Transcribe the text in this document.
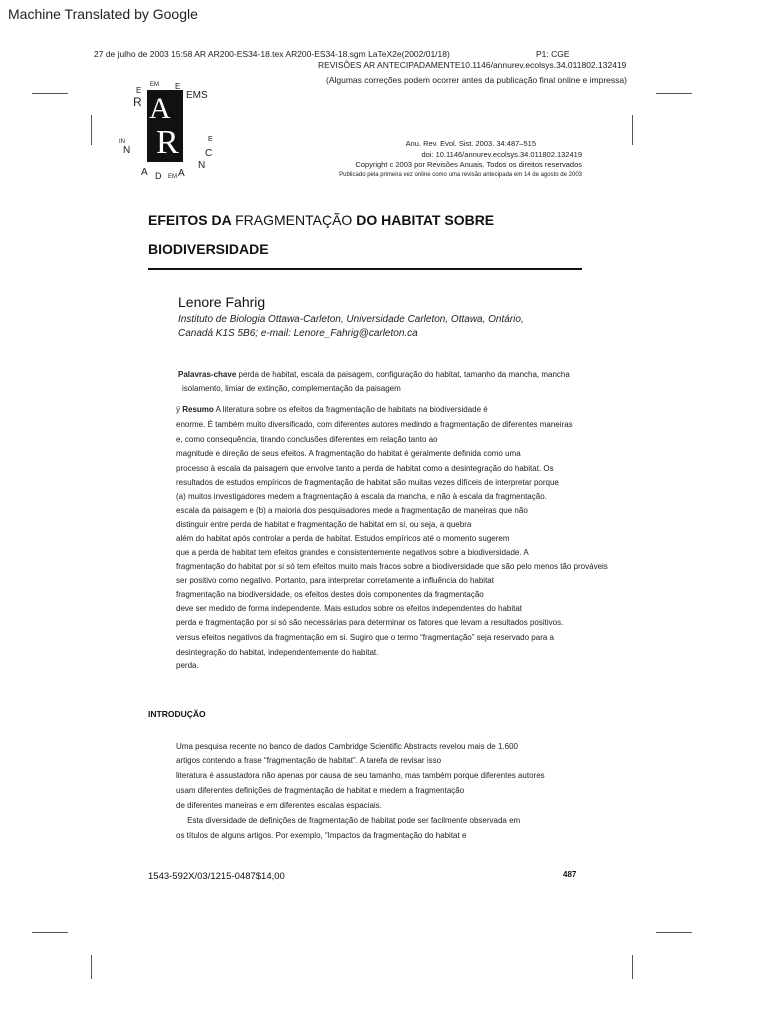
Machine Translated by Google
27 de julho de 2003 15:58 AR AR200-ES34-18.tex AR200-ES34-18.sgm LaTeX2e(2002/01/18)	P1: CGE
REVISÕES AR ANTECIPADAMENTE10.1146/annurev.ecolsys.34.011802.132419
(Algumas correções podem ocorrer antes da publicação final online e impressa)
A
R
R
E
EM E
EMS
IN
N
E
C
N
A D EM A
Anu. Rev. Evol. Sist. 2003. 34:487–515
doi: 10.1146/annurev.ecolsys.34.011802.132419
Copyright c 2003 por Revisões Anuais. Todos os direitos reservados
Publicado pela primeira vez online como uma revisão antecipada em 14 de agosto de 2003
EFEITOS DA FRAGMENTAÇÃO DO HABITAT SOBRE
BIODIVERSIDADE
Lenore Fahrig
Instituto de Biologia Ottawa-Carleton, Universidade Carleton, Ottawa, Ontário,
Canadá K1S 5B6; e-mail: Lenore_Fahrig@carleton.ca
Palavras-chave perda de habitat, escala da paisagem, configuração do habitat, tamanho da mancha, mancha
isolamento, limiar de extinção, complementação da paisagem
ÿ Resumo A literatura sobre os efeitos da fragmentação de habitats na biodiversidade é
enorme. É também muito diversificado, com diferentes autores medindo a fragmentação de diferentes maneiras
e, como consequência, tirando conclusões diferentes em relação tanto ao
magnitude e direção de seus efeitos. A fragmentação do habitat é geralmente definida como uma
processo à escala da paisagem que envolve tanto a perda de habitat como a desintegração do habitat. Os
resultados de estudos empíricos de fragmentação de habitat são muitas vezes difíceis de interpretar porque
(a) muitos investigadores medem a fragmentação à escala da mancha, e não à escala da fragmentação.
escala da paisagem e (b) a maioria dos pesquisadores mede a fragmentação de maneiras que não
distinguir entre perda de habitat e fragmentação de habitat em si, ou seja, a quebra
além do habitat após controlar a perda de habitat. Estudos empíricos até o momento sugerem
que a perda de habitat tem efeitos grandes e consistentemente negativos sobre a biodiversidade. A
fragmentação do habitat por si só tem efeitos muito mais fracos sobre a biodiversidade que são pelo menos tão prováveis
ser positivo como negativo. Portanto, para interpretar corretamente a influência do habitat
fragmentação na biodiversidade, os efeitos destes dois componentes da fragmentação
deve ser medido de forma independente. Mais estudos sobre os efeitos independentes do habitat
perda e fragmentação por si só são necessárias para determinar os fatores que levam a resultados positivos.
versus efeitos negativos da fragmentação em si. Sugiro que o termo “fragmentação” seja reservado para a
desintegração do habitat, independentemente do habitat.
perda.
INTRODUÇÃO
Uma pesquisa recente no banco de dados Cambridge Scientific Abstracts revelou mais de 1.600
artigos contendo a frase “fragmentação de habitat”. A tarefa de revisar isso
literatura é assustadora não apenas por causa de seu tamanho, mas também porque diferentes autores
usam diferentes definições de fragmentação de habitat e medem a fragmentação
de diferentes maneiras e em diferentes escalas espaciais.
Esta diversidade de definições de fragmentação de habitat pode ser facilmente observada em
os títulos de alguns artigos. Por exemplo, “Impactos da fragmentação do habitat e
1543-592X/03/1215-0487$14,00	487
